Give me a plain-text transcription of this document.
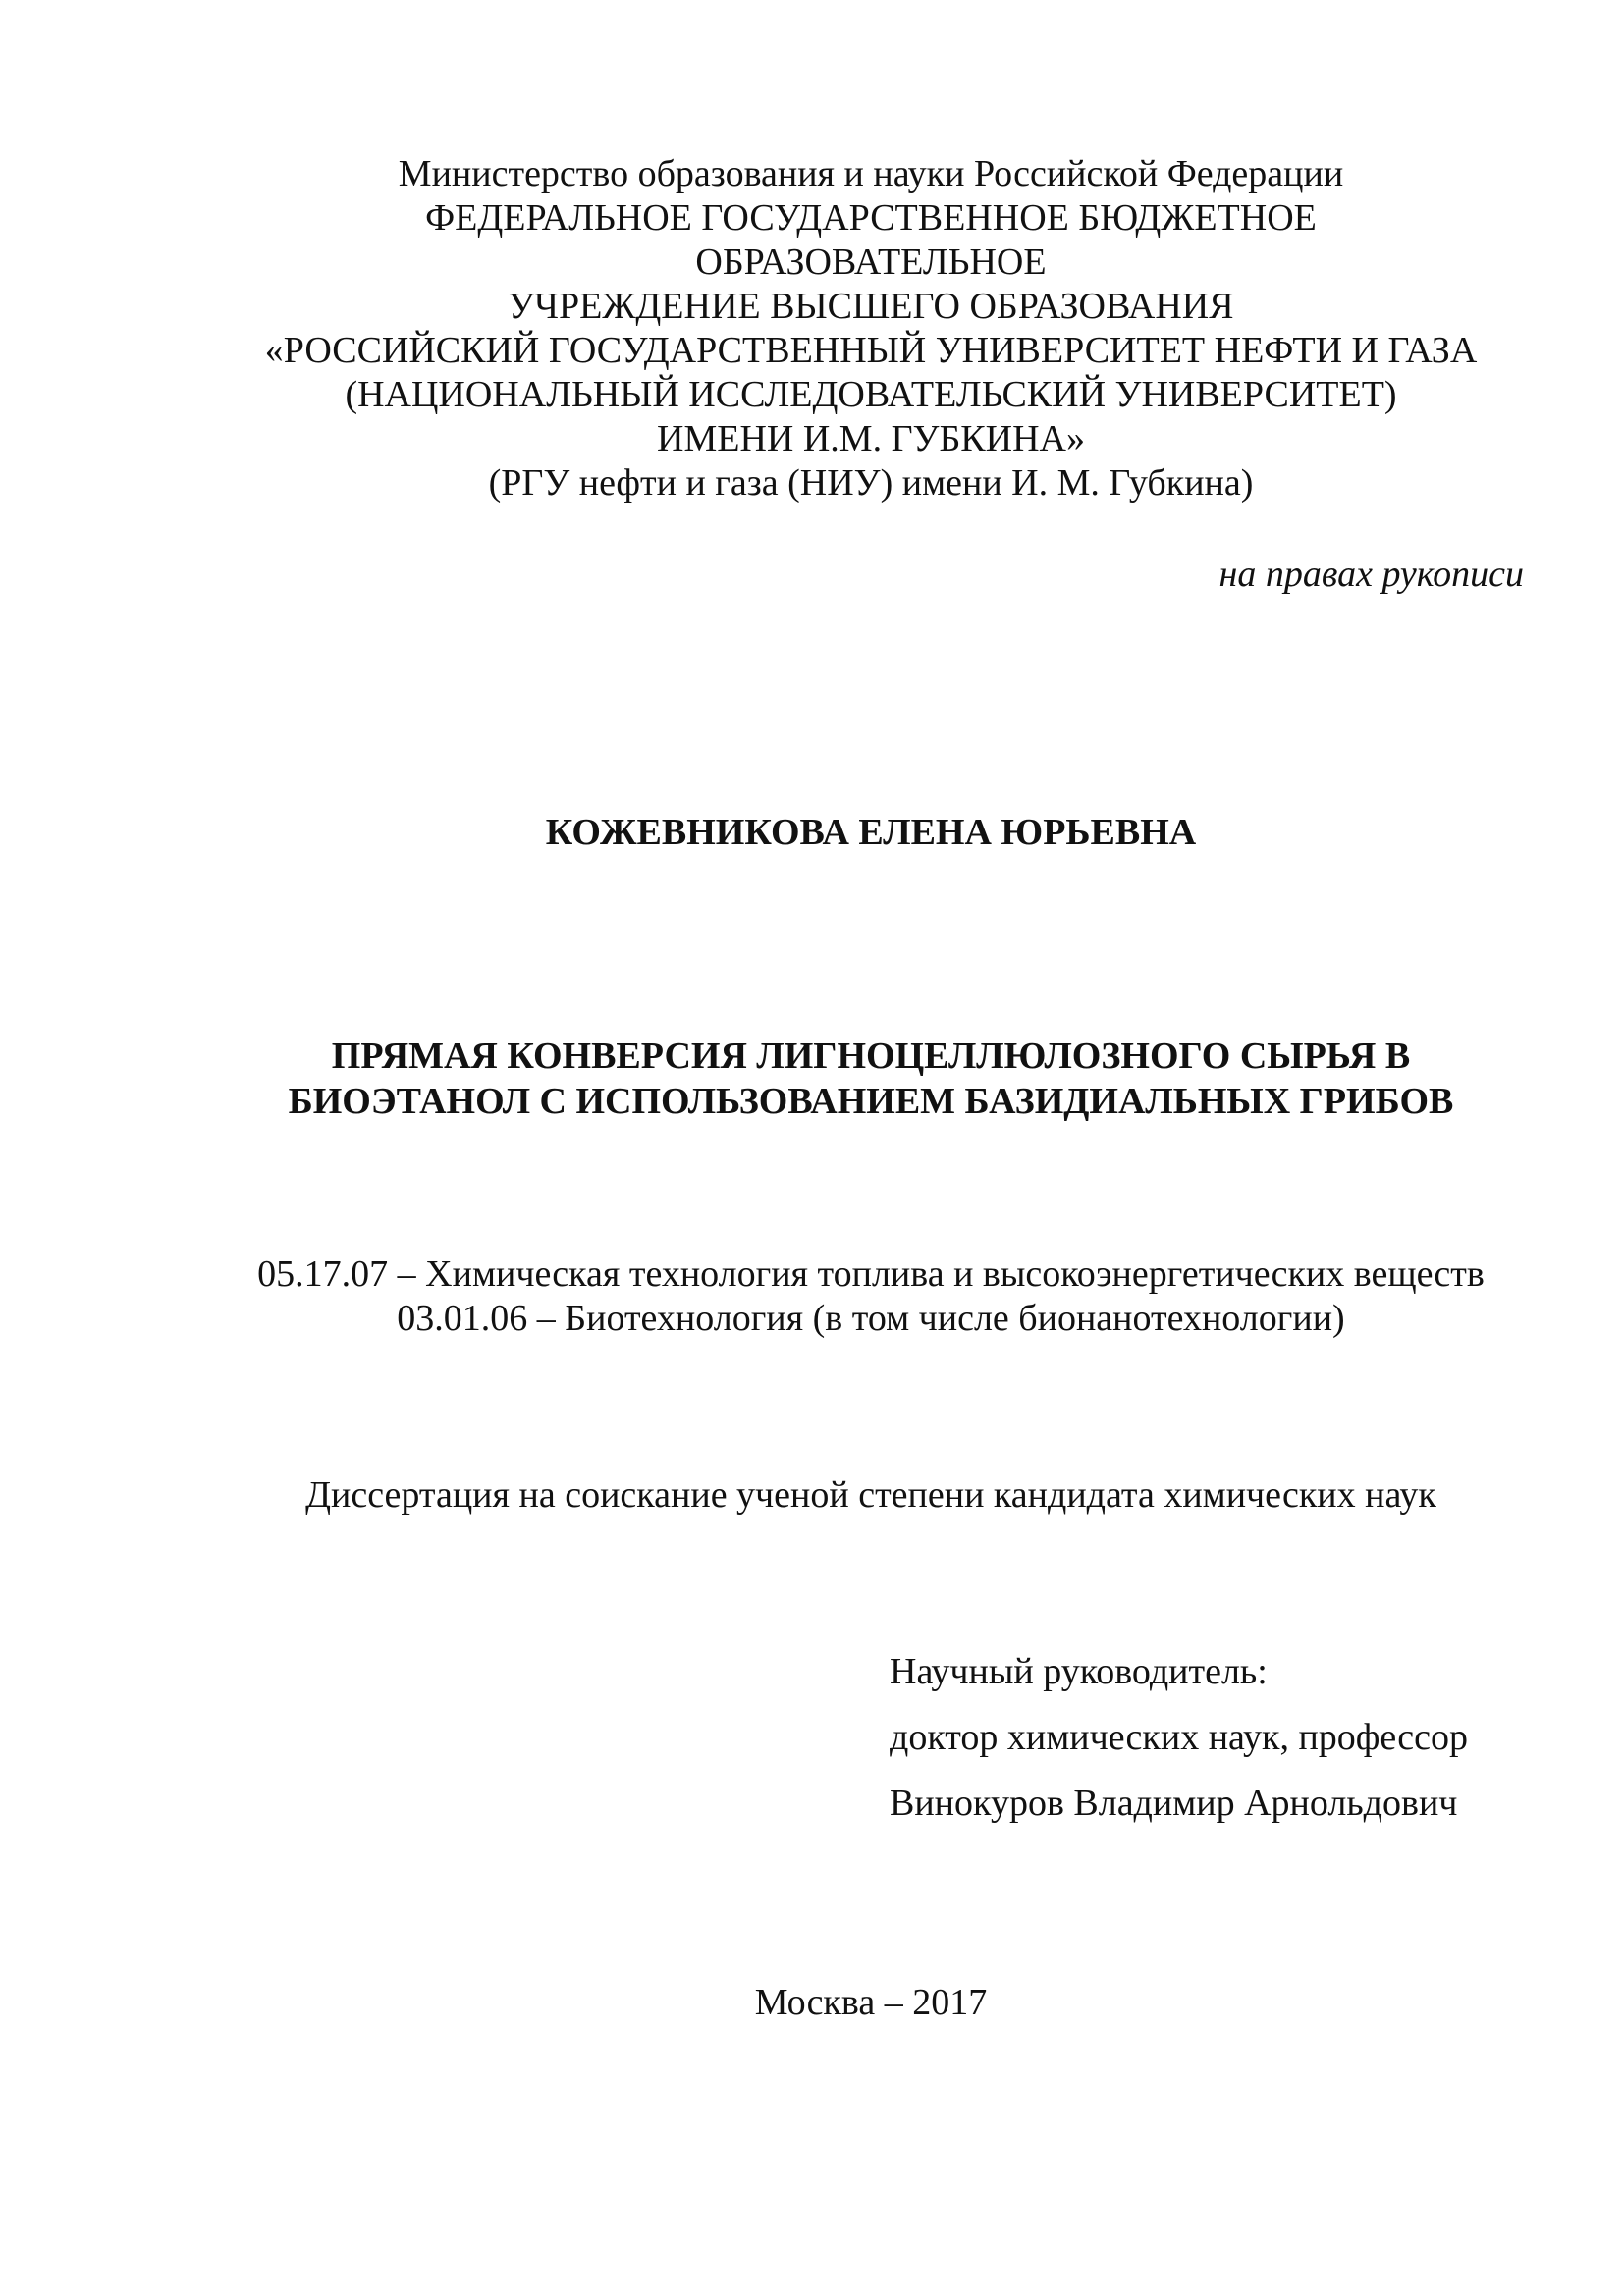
Министерство образования и науки Российской Федерации
ФЕДЕРАЛЬНОЕ ГОСУДАРСТВЕННОЕ БЮДЖЕТНОЕ
ОБРАЗОВАТЕЛЬНОЕ
УЧРЕЖДЕНИЕ ВЫСШЕГО ОБРАЗОВАНИЯ
«РОССИЙСКИЙ ГОСУДАРСТВЕННЫЙ УНИВЕРСИТЕТ НЕФТИ И ГАЗА
(НАЦИОНАЛЬНЫЙ ИССЛЕДОВАТЕЛЬСКИЙ УНИВЕРСИТЕТ)
ИМЕНИ И.М. ГУБКИНА»
(РГУ нефти и газа (НИУ) имени И. М. Губкина)
на правах рукописи
КОЖЕВНИКОВА ЕЛЕНА ЮРЬЕВНА
ПРЯМАЯ КОНВЕРСИЯ ЛИГНОЦЕЛЛЮЛОЗНОГО СЫРЬЯ В
БИОЭТАНОЛ С ИСПОЛЬЗОВАНИЕМ БАЗИДИАЛЬНЫХ ГРИБОВ
05.17.07 – Химическая технология топлива и высокоэнергетических веществ
03.01.06 – Биотехнология (в том числе бионанотехнологии)
Диссертация на соискание ученой степени кандидата химических наук
Научный руководитель:
доктор химических наук, профессор
Винокуров Владимир Арнольдович
Москва – 2017
